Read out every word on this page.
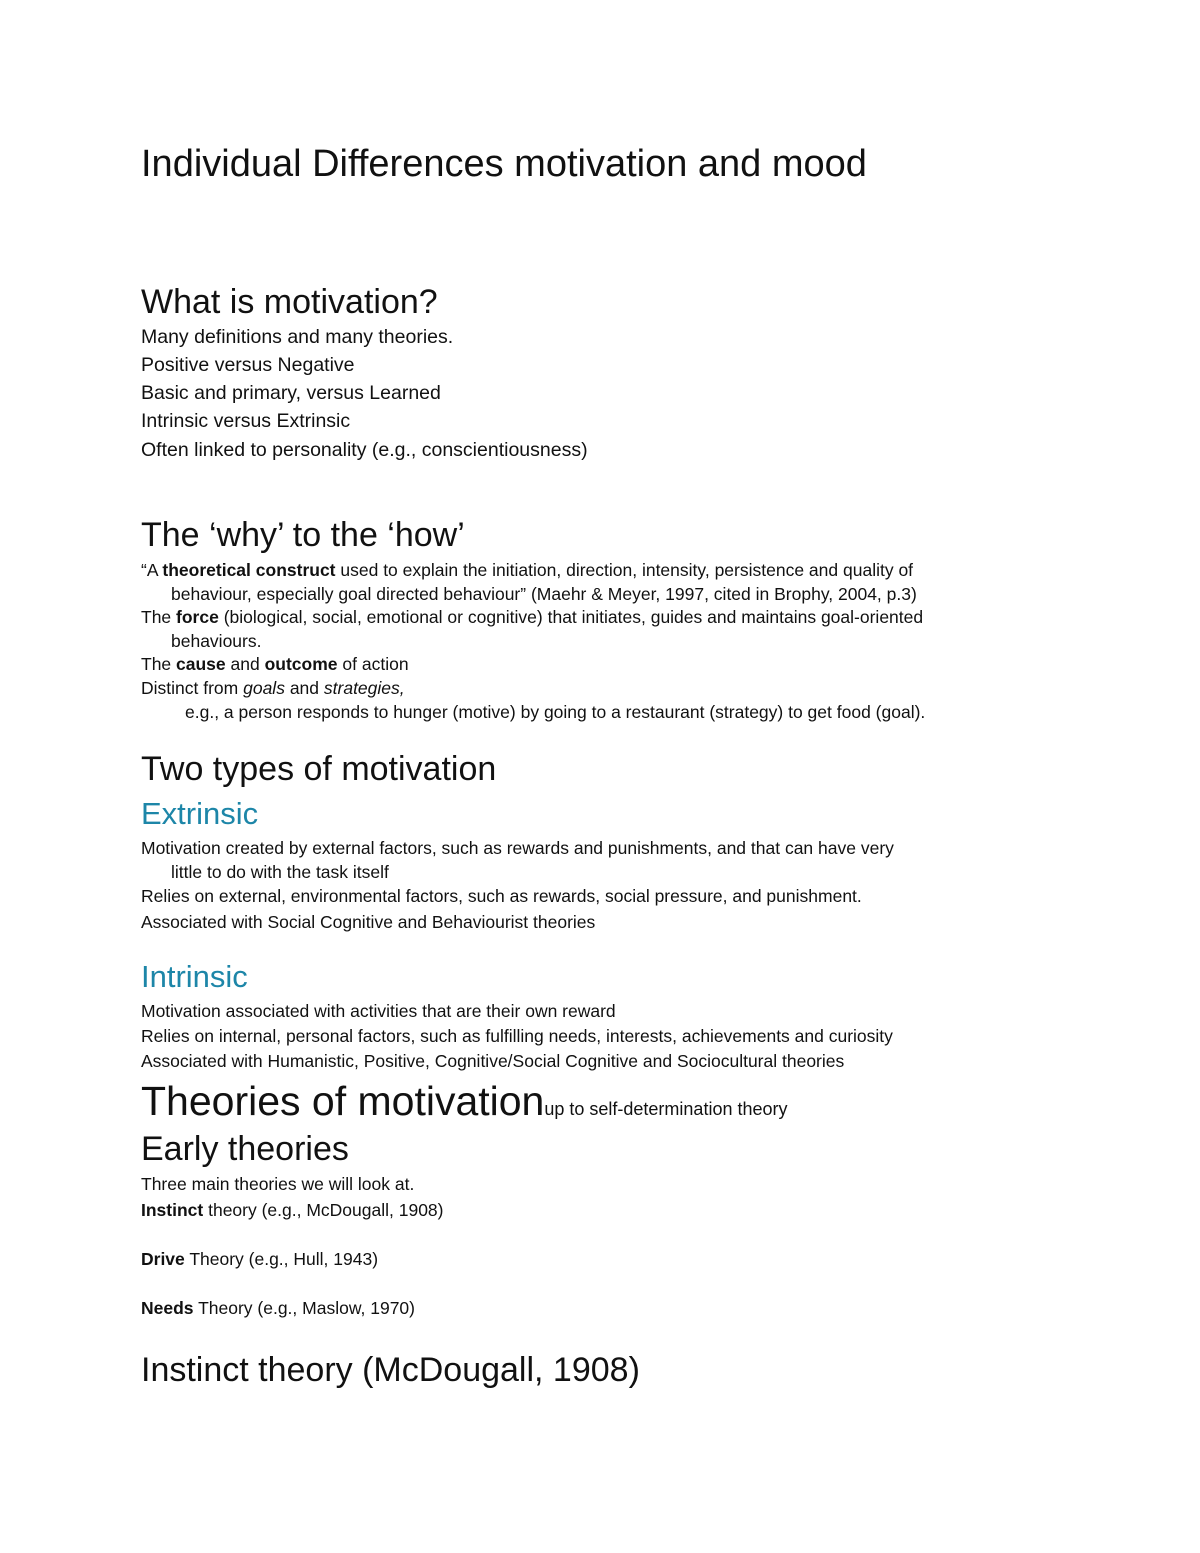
Individual Differences motivation and mood
What is motivation?

Many definitions and many theories.

Positive versus Negative

Basic and primary, versus Learned

Intrinsic versus Extrinsic

Often linked to personality (e.g., conscientiousness)

The ‘why’ to the ‘how’

“A theoretical construct used to explain the initiation, direction, intensity, persistence and quality of

behaviour, especially goal directed behaviour” (Maehr & Meyer, 1997, cited in Brophy, 2004, p.3)

The force (biological, social, emotional or cognitive) that initiates, guides and maintains goal-oriented

behaviours.

The cause and outcome of action

Distinct from goals and strategies,

e.g., a person responds to hunger (motive) by going to a restaurant (strategy) to get food (goal).

Two types of motivation
Extrinsic

Motivation created by external factors, such as rewards and punishments, and that can have very

little to do with the task itself

Relies on external, environmental factors, such as rewards, social pressure, and punishment.

Associated with Social Cognitive and Behaviourist theories

Intrinsic

Motivation associated with activities that are their own reward

Relies on internal, personal factors, such as fulfilling needs, interests, achievements and curiosity

Associated with Humanistic, Positive, Cognitive/Social Cognitive and Sociocultural theories

Theories of motivationup to self-determination theory
Early theories

Three main theories we will look at.

Instinct theory (e.g., McDougall, 1908)

Drive Theory (e.g., Hull, 1943)

Needs Theory (e.g., Maslow, 1970)

Instinct theory (McDougall, 1908)
